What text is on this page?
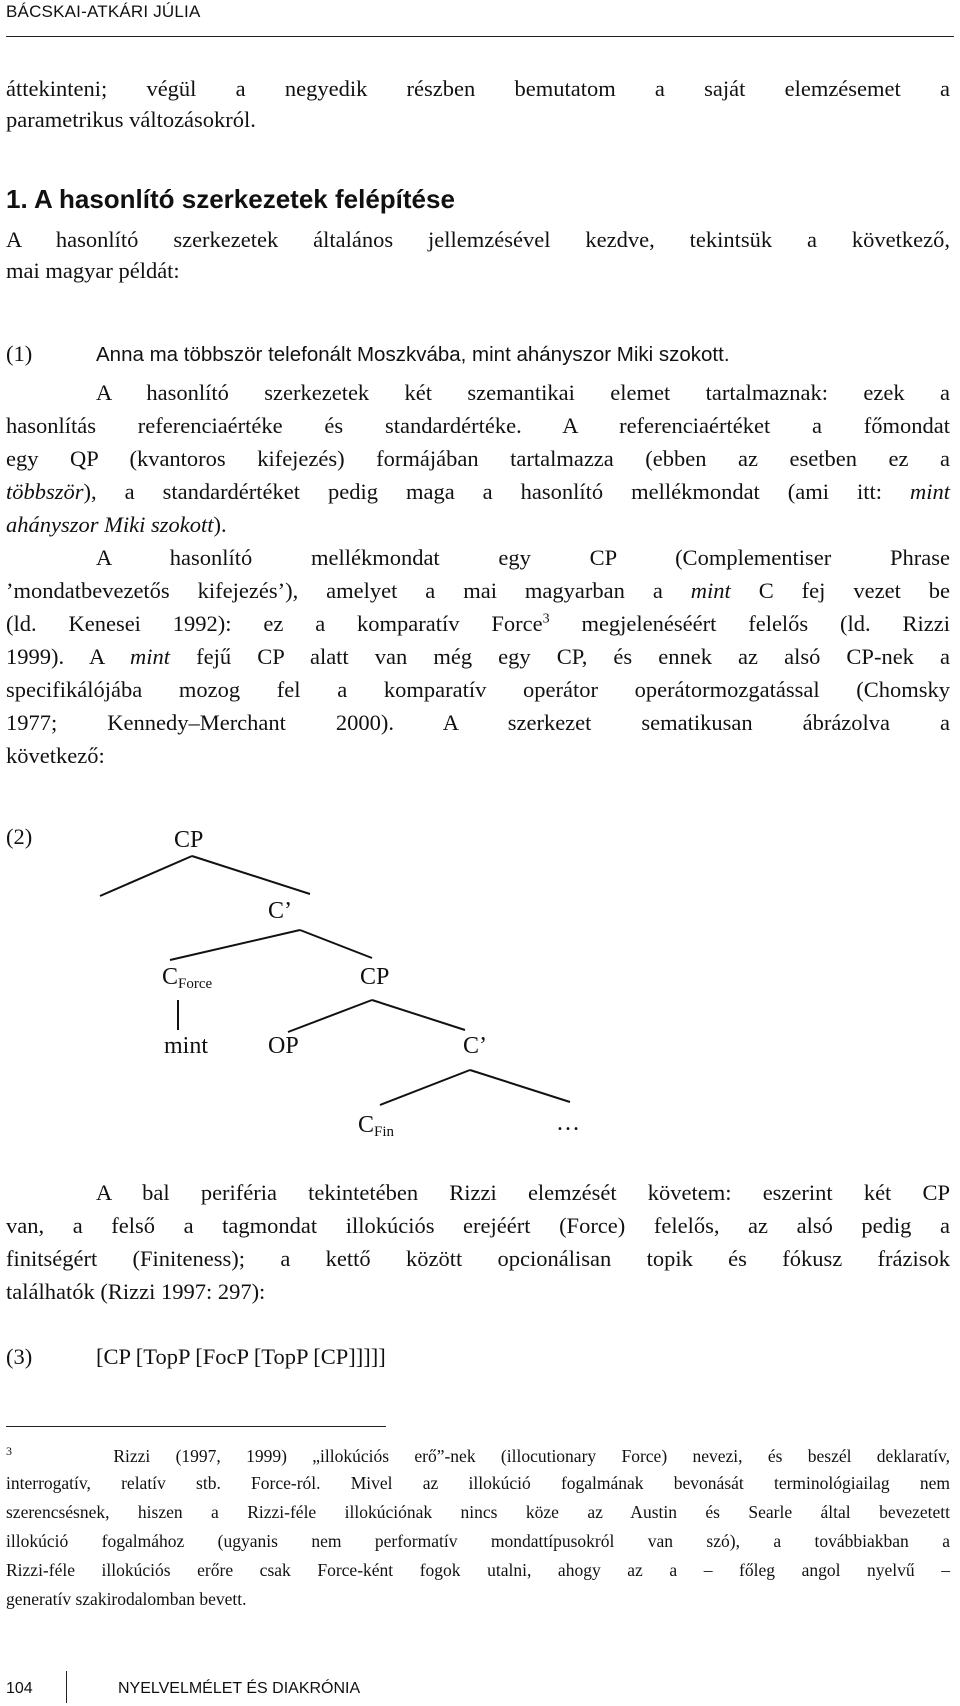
BÁCSKAI-ATKÁRI JÚLIA
áttekinteni; végül a negyedik részben bemutatom a saját elemzésemet a
parametrikus változásokról.
1. A hasonlító szerkezetek felépítése
A hasonlító szerkezetek általános jellemzésével kezdve, tekintsük a következő,
mai magyar példát:
(1)	Anna ma többször telefonált Moszkvába, mint ahányszor Miki szokott.
A hasonlító szerkezetek két szemantikai elemet tartalmaznak: ezek a
hasonlítás referenciaértéke és standardértéke. A referenciaértéket a főmondat
egy QP (kvantoros kifejezés) formájában tartalmazza (ebben az esetben ez a
többször), a standardértéket pedig maga a hasonlító mellékmondat (ami itt: mint
ahányszor Miki szokott).
A hasonlító mellékmondat egy CP (Complementiser Phrase
’mondatbevezetős kifejezés’), amelyet a mai magyarban a mint C fej vezet be
(ld. Kenesei 1992): ez a komparatív Force$^3$ megjelenéséért felelős (ld. Rizzi
1999). A mint fejű CP alatt van még egy CP, és ennek az alsó CP-nek a
specifikálójába mozog fel a komparatív operátor operátormozgatással (Chomsky
1977; Kennedy–Merchant 2000). A szerkezet sematikusan ábrázolva a
következő:
(2)	CP
C’
$C_{Force}$	CP
mint OP	C’
$C_{Fin}$	…
A bal periféria tekintetében Rizzi elemzését követem: eszerint két CP
van, a felső a tagmondat illokúciós erejéért (Force) felelős, az alsó pedig a
finitségért (Finiteness); a kettő között opcionálisan topik és fókusz frázisok
találhatók (Rizzi 1997: 297):
(3)	[CP [TopP [FocP [TopP [CP]]]]]
$^3$	Rizzi (1997, 1999) „illokúciós erő”-nek (illocutionary Force) nevezi, és beszél deklaratív,
interrogatív, relatív stb. Force-ról. Mivel az illokúció fogalmának bevonását terminológiailag nem
szerencsésnek, hiszen a Rizzi-féle illokúciónak nincs köze az Austin és Searle által bevezetett
illokúció fogalmához (ugyanis nem performatív mondattípusokról van szó), a továbbiakban a
Rizzi-féle illokúciós erőre csak Force-ként fogok utalni, ahogy az a – főleg angol nyelvű –
generatív szakirodalomban bevett.
104	NYELVELMÉLET ÉS DIAKRÓNIA
